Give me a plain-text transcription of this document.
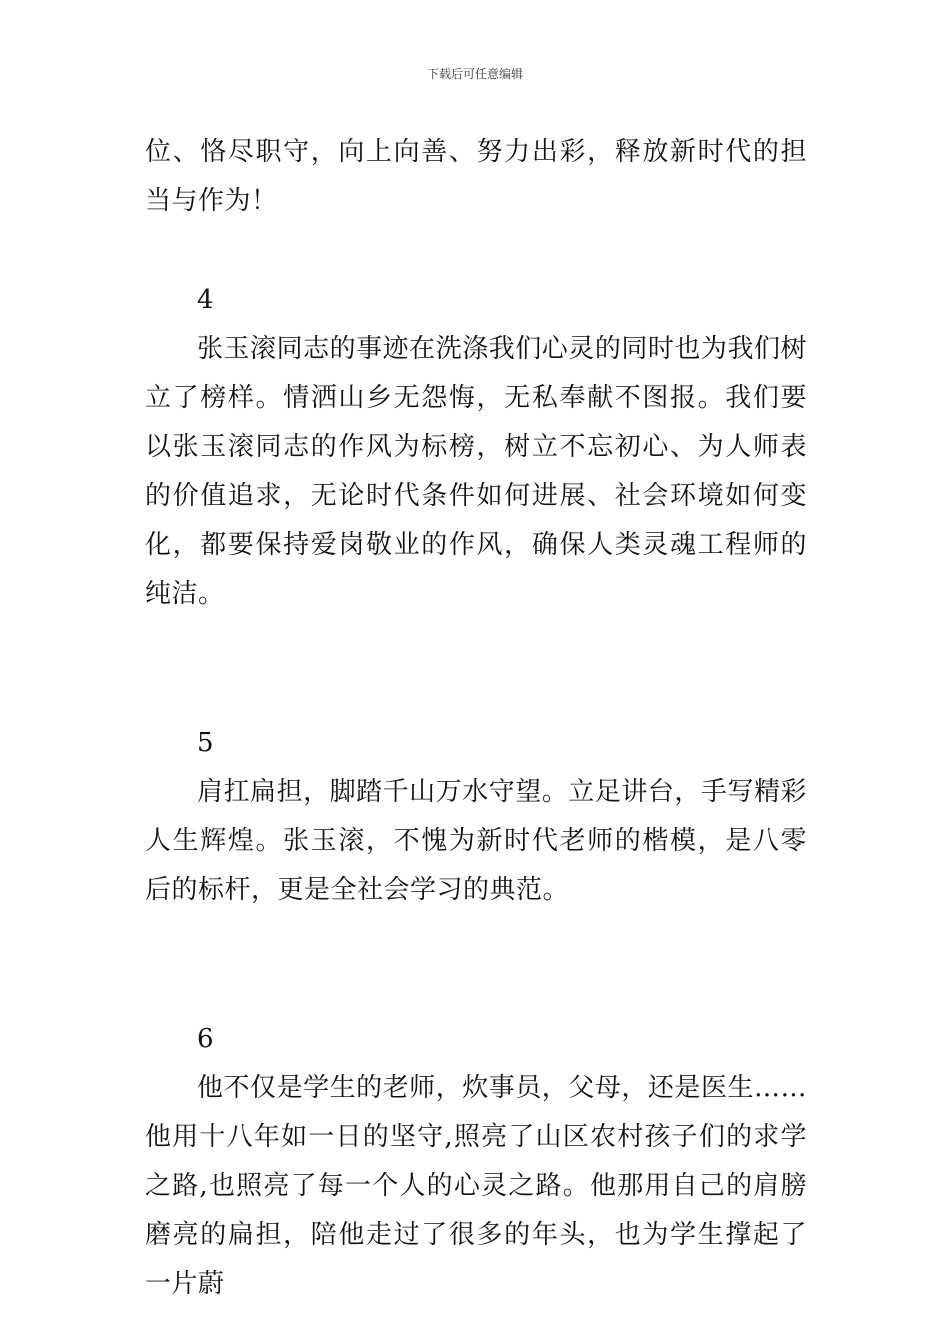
下载后可任意编辑

位、恪尽职守，向上向善、努力出彩，释放新时代的担当与作为！

4

张玉滚同志的事迹在洗涤我们心灵的同时也为我们树立了榜样。情洒山乡无怨悔，无私奉献不图报。我们要以张玉滚同志的作风为标榜，树立不忘初心、为人师表的价值追求，无论时代条件如何进展、社会环境如何变化，都要保持爱岗敬业的作风，确保人类灵魂工程师的纯洁。

5

肩扛扁担，脚踏千山万水守望。立足讲台，手写精彩人生辉煌。张玉滚，不愧为新时代老师的楷模，是八零后的标杆，更是全社会学习的典范。

6

他不仅是学生的老师，炊事员，父母，还是医生……他用十八年如一日的坚守,照亮了山区农村孩子们的求学之路,也照亮了每一个人的心灵之路。他那用自己的肩膀磨亮的扁担，陪他走过了很多的年头，也为学生撑起了一片蔚
